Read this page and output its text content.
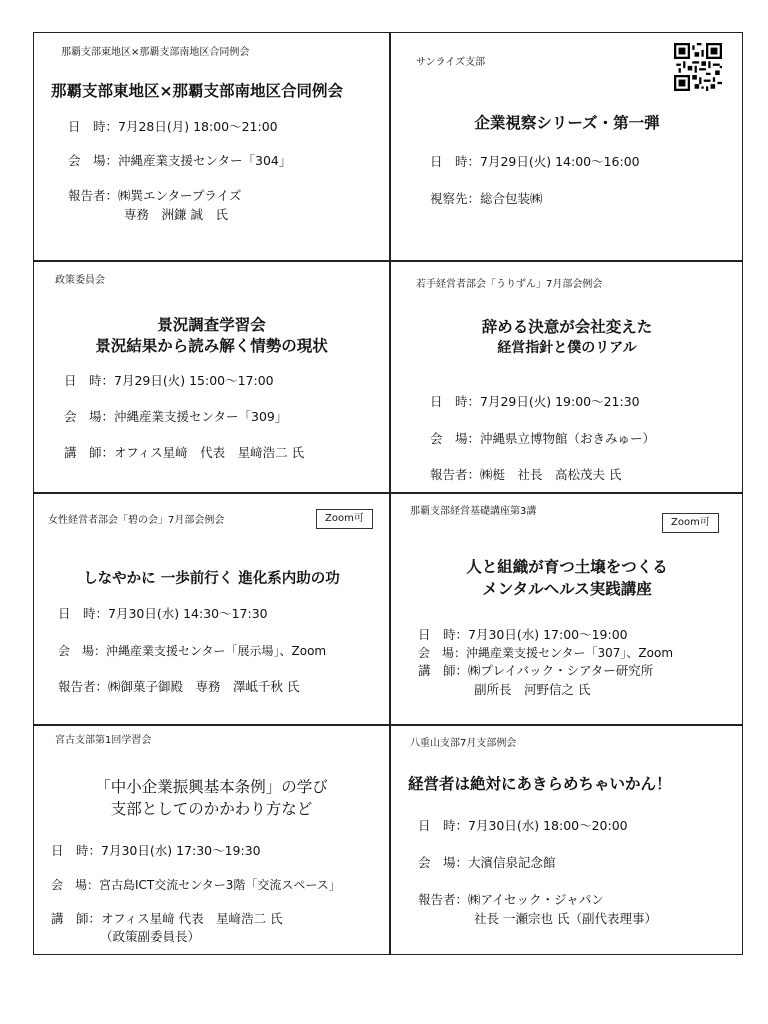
那覇支部東地区×那覇支部南地区合同例会
那覇支部東地区×那覇支部南地区合同例会
日　時：7月28日(月) 18:00～21:00
会　場：沖縄産業支援センター「304」
報告者：㈱巽エンタープライズ
専務　洲鎌 誠　氏
サンライズ支部
企業視察シリーズ・第一弾
日　時：7月29日(火) 14:00～16:00
視察先：総合包装㈱
政策委員会
景況調査学習会
景況結果から読み解く情勢の現状
日　時：7月29日(火) 15:00～17:00
会　場：沖縄産業支援センター「309」
講　師：オフィス星﨑　代表　星﨑浩二 氏
若手経営者部会「うりずん」7月部会例会
辞める決意が会社変えた
経営指針と僕のリアル
日　時：7月29日(火) 19:00～21:30
会　場：沖縄県立博物館（おきみゅー）
報告者：㈱梃　社長　高松茂夫 氏
女性経営者部会「碧の会」7月部会例会	Zoom可
しなやかに 一歩前行く 進化系内助の功
日　時：7月30日(水) 14:30～17:30
会　場：沖縄産業支援センター「展示場」、Zoom
報告者：㈱御菓子御殿　専務　澤岻千秋 氏
那覇支部経営基礎講座第3講
Zoom可
人と組織が育つ土壌をつくる
メンタルヘルス実践講座
日　時：7月30日(水) 17:00～19:00
会　場：沖縄産業支援センター「307」、Zoom
講　師：㈱プレイバック・シアター研究所
副所長　河野信之 氏
宮古支部第1回学習会
「中小企業振興基本条例」の学び
支部としてのかかわり方など
日　時：7月30日(水) 17:30～19:30
会　場：宮古島ICT交流センター3階「交流スペース」
講　師：オフィス星﨑 代表　星﨑浩二 氏
（政策副委員長）
八重山支部7月支部例会
経営者は絶対にあきらめちゃいかん！
日　時：7月30日(水) 18:00～20:00
会　場：大濱信泉記念館
報告者：㈱アイセック・ジャパン
社長 一瀬宗也 氏（副代表理事）
